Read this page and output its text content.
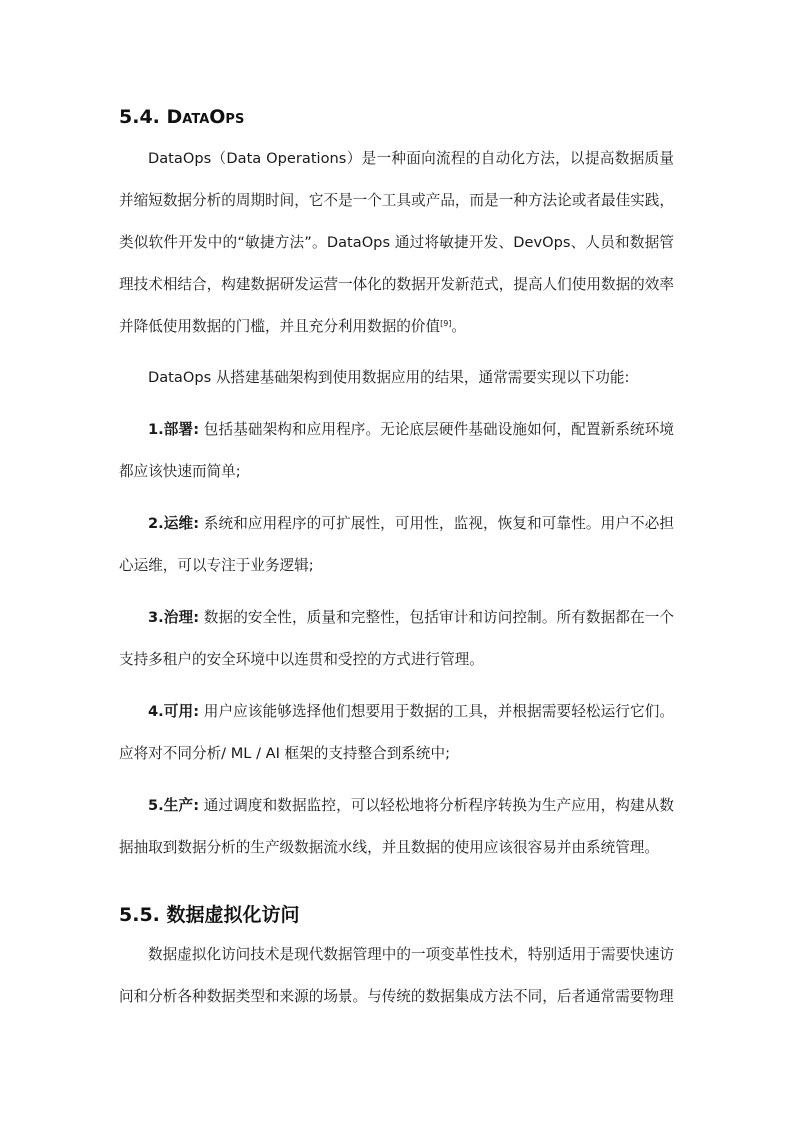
5.4. DataOps
DataOps（Data Operations）是一种面向流程的自动化方法，以提高数据质量并缩短数据分析的周期时间，它不是一个工具或产品，而是一种方法论或者最佳实践，类似软件开发中的“敏捷方法”。DataOps 通过将敏捷开发、DevOps、人员和数据管理技术相结合，构建数据研发运营一体化的数据开发新范式，提高人们使用数据的效率并降低使用数据的门槛，并且充分利用数据的价值[9]。
DataOps 从搭建基础架构到使用数据应用的结果，通常需要实现以下功能:
1.部署: 包括基础架构和应用程序。无论底层硬件基础设施如何，配置新系统环境都应该快速而简单;
2.运维: 系统和应用程序的可扩展性，可用性，监视，恢复和可靠性。用户不必担心运维，可以专注于业务逻辑;
3.治理: 数据的安全性，质量和完整性，包括审计和访问控制。所有数据都在一个支持多租户的安全环境中以连贯和受控的方式进行管理。
4.可用: 用户应该能够选择他们想要用于数据的工具，并根据需要轻松运行它们。应将对不同分析/ ML / AI 框架的支持整合到系统中;
5.生产: 通过调度和数据监控，可以轻松地将分析程序转换为生产应用，构建从数据抽取到数据分析的生产级数据流水线，并且数据的使用应该很容易并由系统管理。
5.5. 数据虚拟化访问
数据虚拟化访问技术是现代数据管理中的一项变革性技术，特别适用于需要快速访问和分析各种数据类型和来源的场景。与传统的数据集成方法不同，后者通常需要物理
